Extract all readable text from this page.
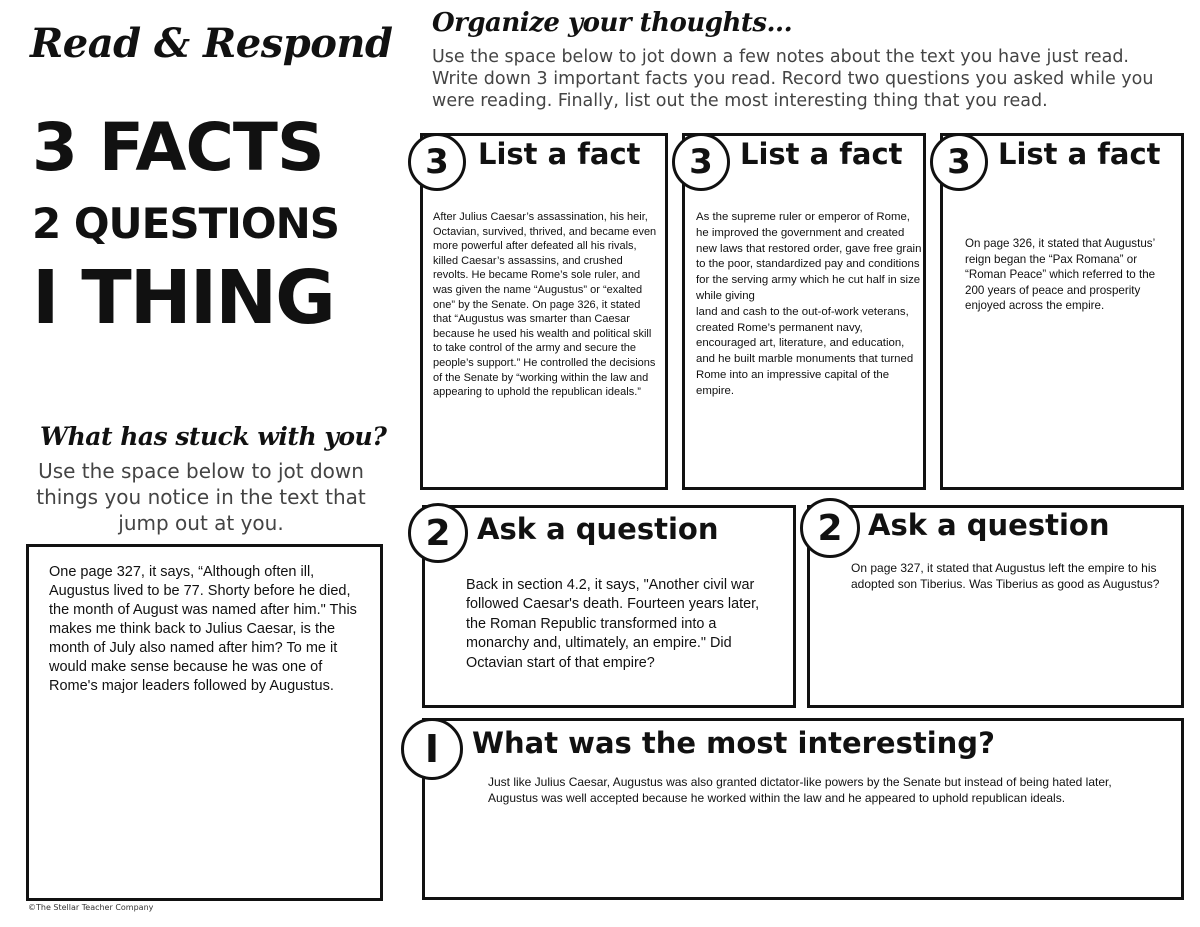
Read & Respond
3 FACTS
2 QUESTIONS
I THING
What has stuck with you?
Use the space below to jot down things you notice in the text that jump out at you.
One page 327, it says, “Although often ill, Augustus lived to be 77. Shorty before he died, the month of August was named after him." This makes me think back to Julius Caesar, is the month of July also named after him? To me it would make sense because he was one of Rome's major leaders followed by Augustus.
©The Stellar Teacher Company
Organize your thoughts...
Use the space below to jot down a few notes about the text you have just read. Write down 3 important facts you read. Record two questions you asked while you were reading. Finally, list out the most interesting thing that you read.
After Julius Caesar’s assassination, his heir, Octavian, survived, thrived, and became even more powerful after defeated all his rivals, killed Caesar’s assassins, and crushed revolts. He became Rome’s sole ruler, and was given the name “Augustus” or “exalted one” by the Senate. On page 326, it stated that “Augustus was smarter than Caesar because he used his wealth and political skill to take control of the army and secure the people’s support.” He controlled the decisions of the Senate by “working within the law and appearing to uphold the republican ideals.”
3 List a fact
As the supreme ruler or emperor of Rome, he improved the government and created new laws that restored order, gave free grain to the poor, standardized pay and conditions for the serving army which he cut half in size while giving
land and cash to the out-of-work veterans, created Rome’s permanent navy, encouraged art, literature, and education, and he built marble monuments that turned Rome into an impressive capital of the empire.
3 List a fact
On page 326, it stated that Augustus’ reign began the “Pax Romana” or “Roman Peace” which referred to the 200 years of peace and prosperity enjoyed across the empire.
3 List a fact
Back in section 4.2, it says, "Another civil war followed Caesar's death. Fourteen years later, the Roman Republic transformed into a monarchy and, ultimately, an empire." Did Octavian start of that empire?
2 Ask a question
On page 327, it stated that Augustus left the empire to his adopted son Tiberius. Was Tiberius as good as Augustus?
2 Ask a question
Just like Julius Caesar, Augustus was also granted dictator-like powers by the Senate but instead of being hated later, Augustus was well accepted because he worked within the law and he appeared to uphold republican ideals.
I What was the most interesting?
